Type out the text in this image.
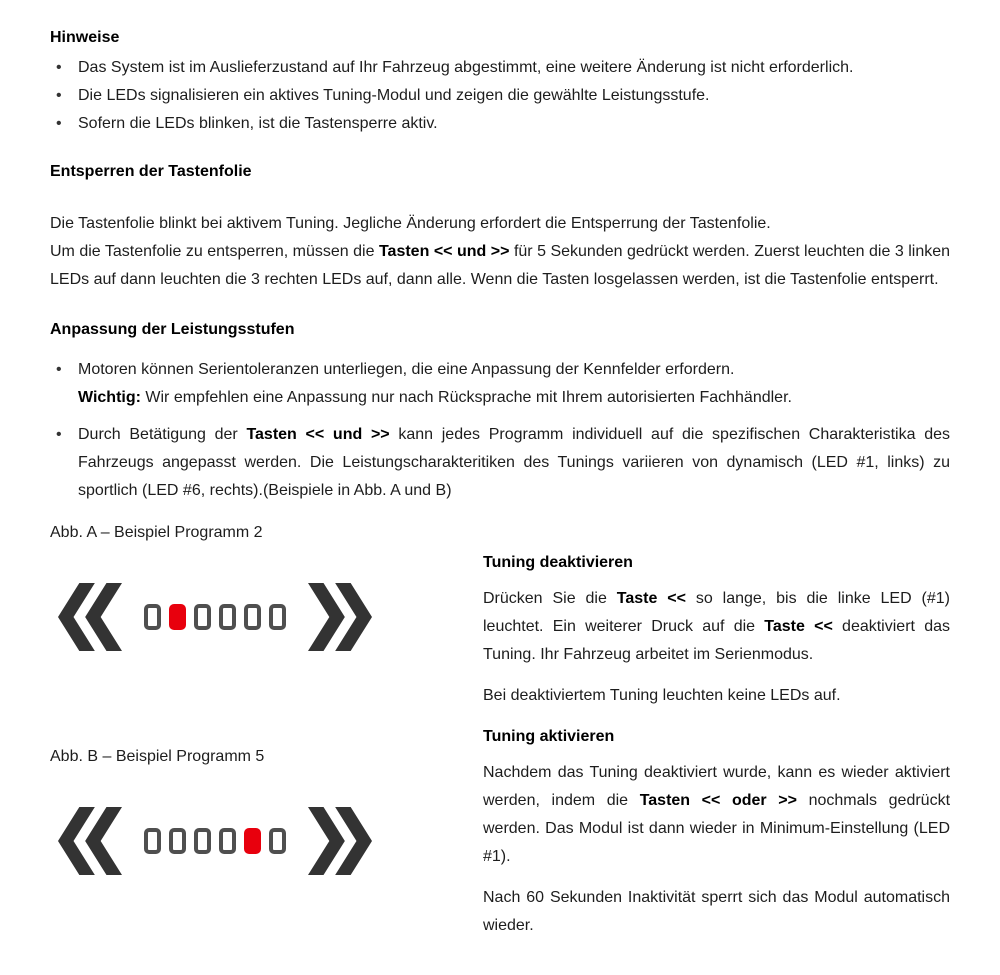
Hinweise
•	Das System ist im Auslieferzustand auf Ihr Fahrzeug abgestimmt, eine weitere Änderung ist nicht erforderlich.
•	Die LEDs signalisieren ein aktives Tuning-Modul und zeigen die gewählte Leistungsstufe.
•	Sofern die LEDs blinken, ist die Tastensperre aktiv.
Entsperren der Tastenfolie

Die Tastenfolie blinkt bei aktivem Tuning. Jegliche Änderung erfordert die Entsperrung der Tastenfolie.
Um die Tastenfolie zu entsperren, müssen die Tasten << und >> für 5 Sekunden gedrückt werden. Zuerst leuchten die 3 linken LEDs auf dann leuchten die 3 rechten LEDs auf, dann alle. Wenn die Tasten losgelassen werden, ist die Tastenfolie entsperrt.

Anpassung der Leistungsstufen
•	Motoren können Serientoleranzen unterliegen, die eine Anpassung der Kennfelder erfordern.
Wichtig: Wir empfehlen eine Anpassung nur nach Rücksprache mit Ihrem autorisierten Fachhändler.
•	Durch Betätigung der Tasten << und >> kann jedes Programm individuell auf die spezifischen Charakteristika des Fahrzeugs angepasst werden. Die Leistungscharakteritiken des Tunings variieren von dynamisch (LED #1, links) zu sportlich (LED #6, rechts).(Beispiele in Abb. A und B)
Abb. A – Beispiel Programm 2
Abb. B – Beispiel Programm 5
Tuning deaktivieren

Drücken Sie die Taste << so lange, bis die linke LED (#1) leuchtet. Ein weiterer Druck auf die Taste << deaktiviert das Tuning. Ihr Fahrzeug arbeitet im Serienmodus.

Bei deaktiviertem Tuning leuchten keine LEDs auf.

Tuning aktivieren

Nachdem das Tuning deaktiviert wurde, kann es wieder aktiviert werden, indem die Tasten << oder >> nochmals gedrückt werden. Das Modul ist dann wieder in Minimum-Einstellung (LED #1).

Nach 60 Sekunden Inaktivität sperrt sich das Modul automatisch wieder.
